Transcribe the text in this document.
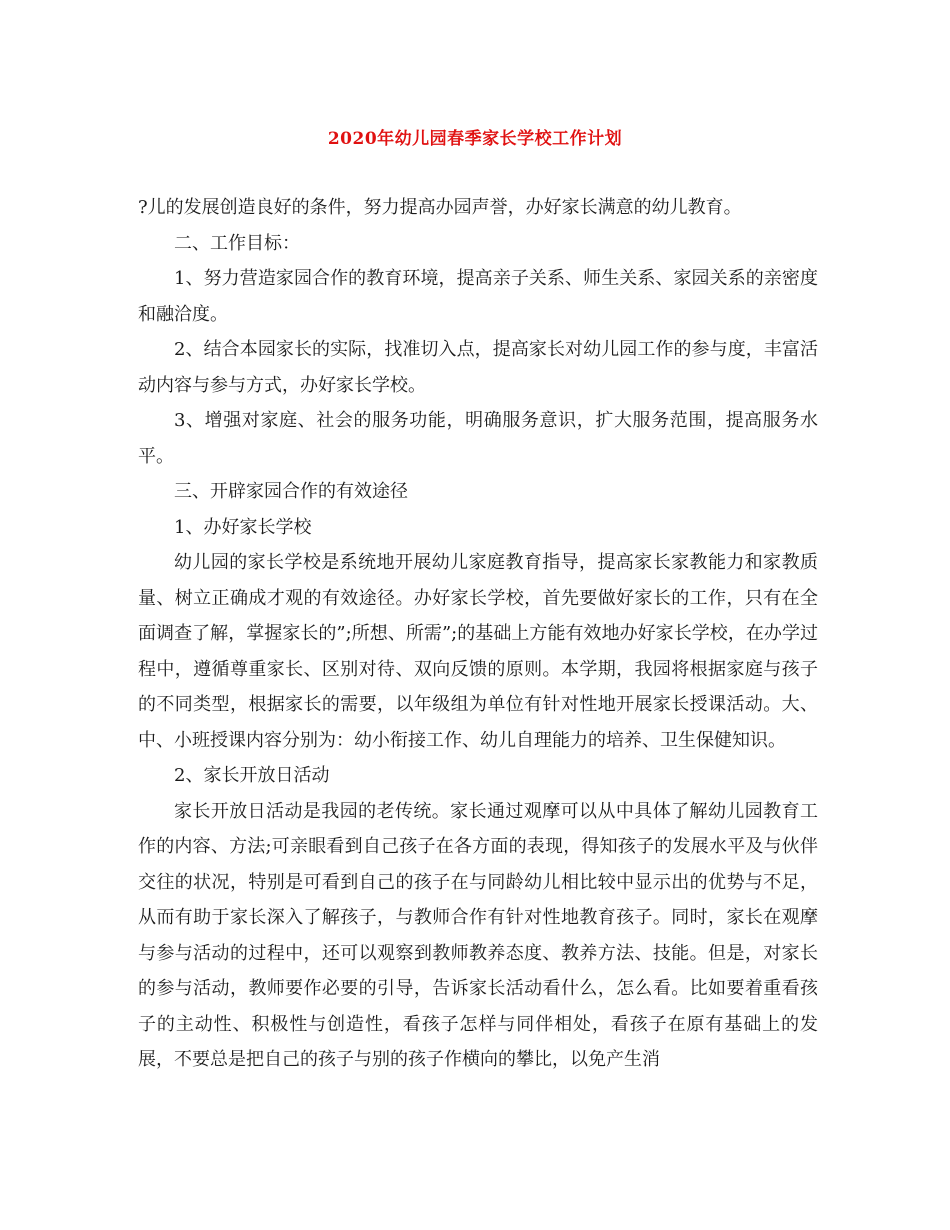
2020年幼儿园春季家长学校工作计划

?儿的发展创造良好的条件，努力提高办园声誉，办好家长满意的幼儿教育。

二、工作目标：

1、努力营造家园合作的教育环境，提高亲子关系、师生关系、家园关系的亲密度和融洽度。

2、结合本园家长的实际，找准切入点，提高家长对幼儿园工作的参与度，丰富活动内容与参与方式，办好家长学校。

3、增强对家庭、社会的服务功能，明确服务意识，扩大服务范围，提高服务水平。

三、开辟家园合作的有效途径

1、办好家长学校

幼儿园的家长学校是系统地开展幼儿家庭教育指导，提高家长家教能力和家教质量、树立正确成才观的有效途径。办好家长学校，首先要做好家长的工作，只有在全面调查了解，掌握家长的”;所想、所需”;的基础上方能有效地办好家长学校，在办学过程中，遵循尊重家长、区别对待、双向反馈的原则。本学期，我园将根据家庭与孩子的不同类型，根据家长的需要，以年级组为单位有针对性地开展家长授课活动。大、中、小班授课内容分别为：幼小衔接工作、幼儿自理能力的培养、卫生保健知识。

2、家长开放日活动

家长开放日活动是我园的老传统。家长通过观摩可以从中具体了解幼儿园教育工作的内容、方法;可亲眼看到自己孩子在各方面的表现，得知孩子的发展水平及与伙伴交往的状况，特别是可看到自己的孩子在与同龄幼儿相比较中显示出的优势与不足，从而有助于家长深入了解孩子，与教师合作有针对性地教育孩子。同时，家长在观摩与参与活动的过程中，还可以观察到教师教养态度、教养方法、技能。但是，对家长的参与活动，教师要作必要的引导，告诉家长活动看什么，怎么看。比如要着重看孩子的主动性、积极性与创造性，看孩子怎样与同伴相处，看孩子在原有基础上的发展，不要总是把自己的孩子与别的孩子作横向的攀比，以免产生消
